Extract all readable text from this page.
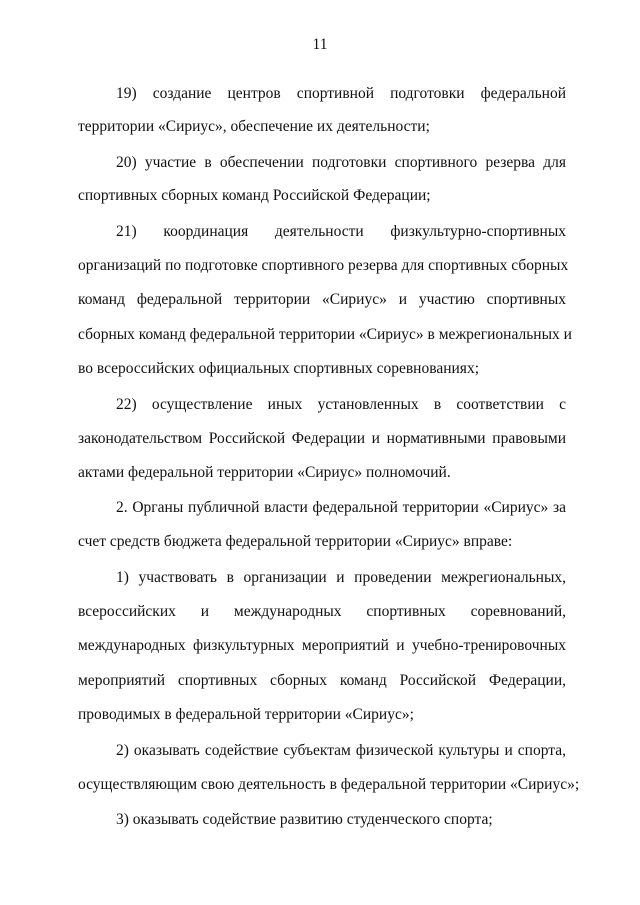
11
19) создание центров спортивной подготовки федеральной
территории «Сириус», обеспечение их деятельности;
20) участие в обеспечении подготовки спортивного резерва для
спортивных сборных команд Российской Федерации;
21) координация деятельности физкультурно-спортивных
организаций по подготовке спортивного резерва для спортивных сборных
команд федеральной территории «Сириус» и участию спортивных
сборных команд федеральной территории «Сириус» в межрегиональных и
во всероссийских официальных спортивных соревнованиях;
22) осуществление иных установленных в соответствии с
законодательством Российской Федерации и нормативными правовыми
актами федеральной территории «Сириус» полномочий.
2. Органы публичной власти федеральной территории «Сириус» за
счет средств бюджета федеральной территории «Сириус» вправе:
1) участвовать в организации и проведении межрегиональных,
всероссийских и международных спортивных соревнований,
международных физкультурных мероприятий и учебно-тренировочных
мероприятий спортивных сборных команд Российской Федерации,
проводимых в федеральной территории «Сириус»;
2) оказывать содействие субъектам физической культуры и спорта,
осуществляющим свою деятельность в федеральной территории «Сириус»;
3) оказывать содействие развитию студенческого спорта;
